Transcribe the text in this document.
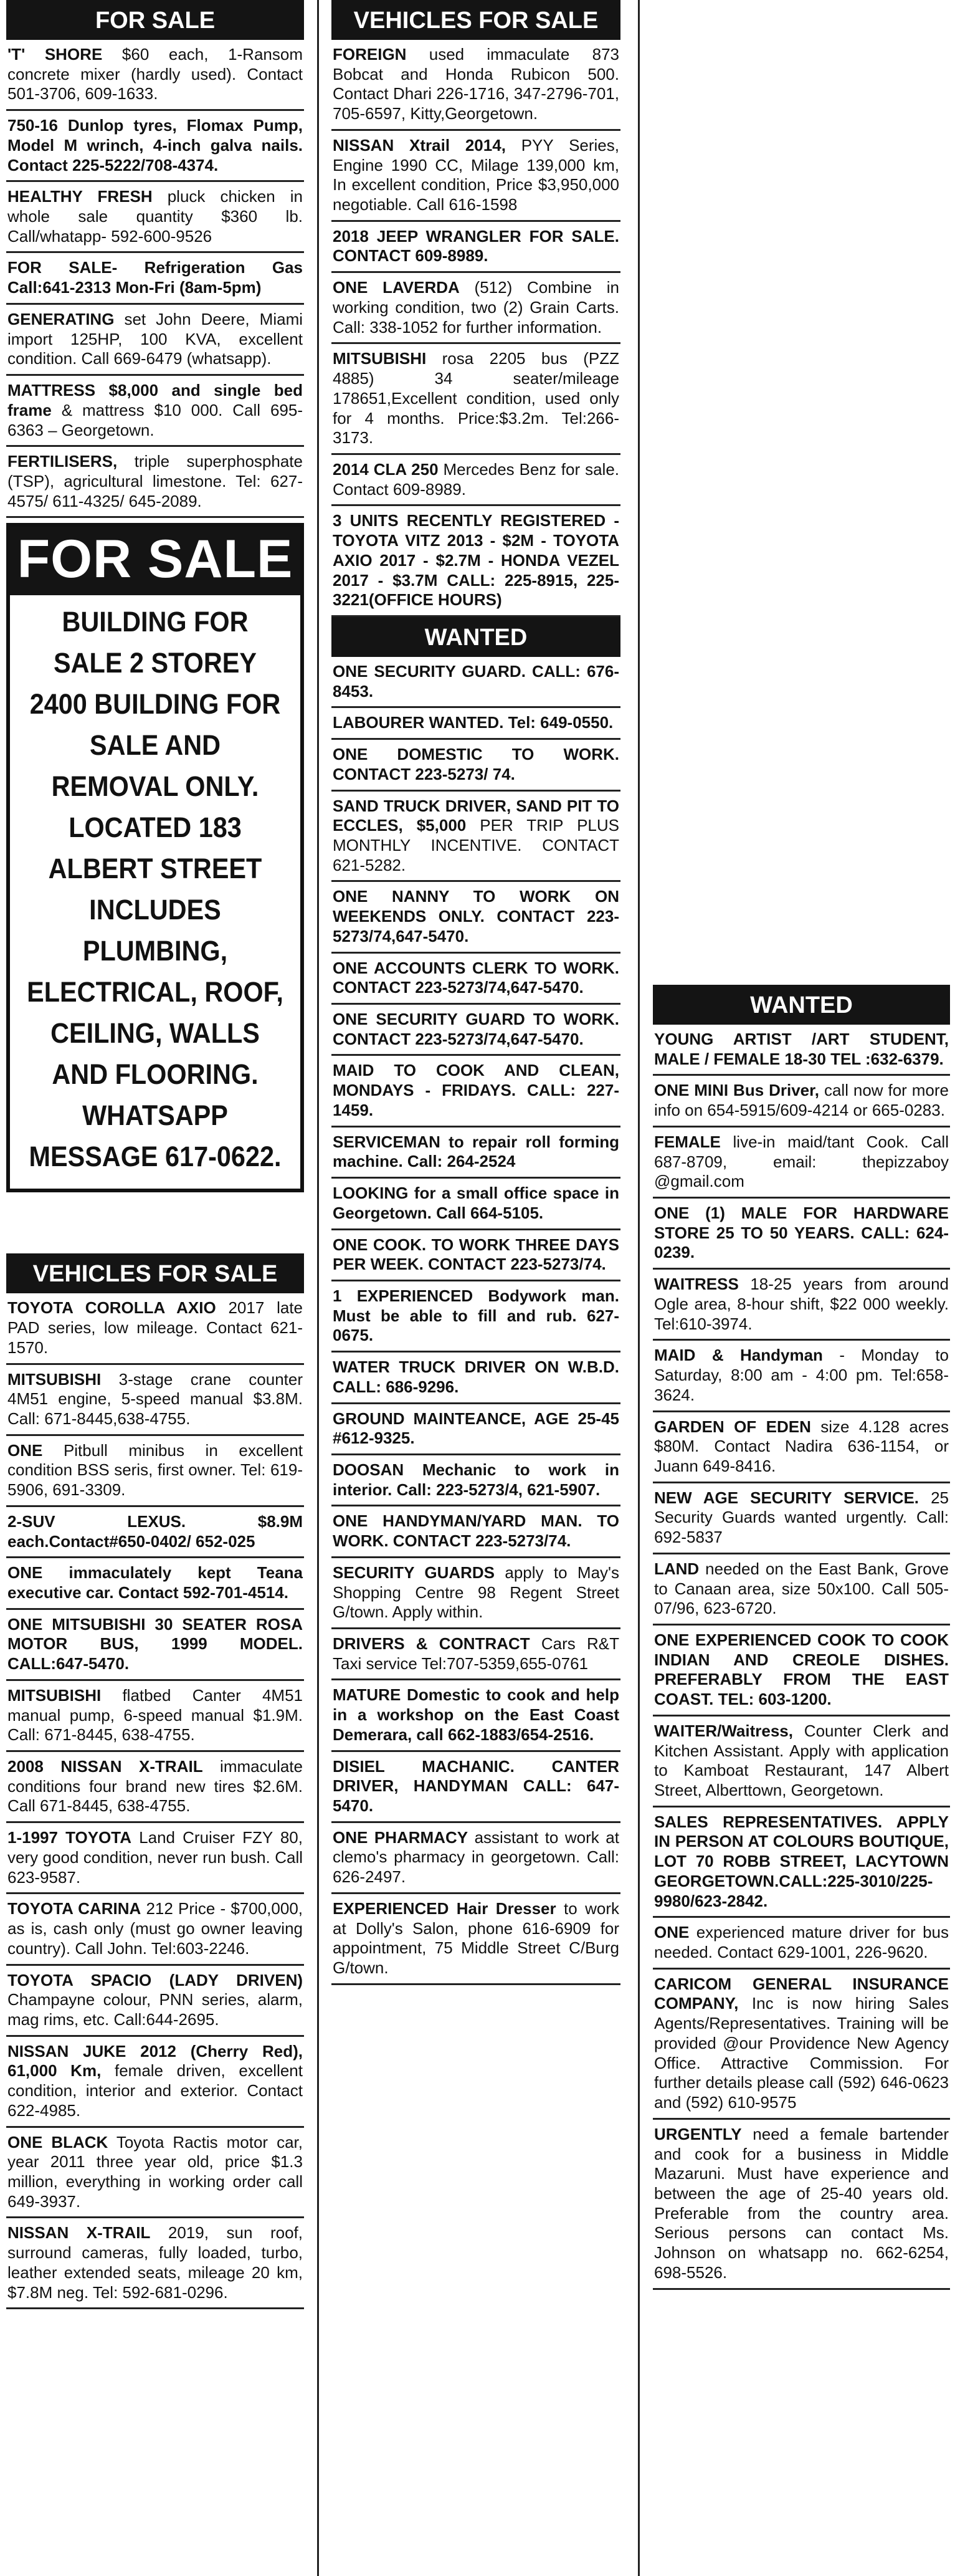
FOR SALE
'T' SHORE $60 each, 1-Ransom concrete mixer (hardly used). Contact 501-3706, 609-1633.
750-16 Dunlop tyres, Flomax Pump, Model M wrinch, 4-inch galva nails. Contact 225-5222/708-4374.
HEALTHY FRESH pluck chicken in whole sale quantity $360 lb. Call/whatapp- 592-600-9526
FOR SALE- Refrigeration Gas Call:641-2313 Mon-Fri (8am-5pm)
GENERATING set John Deere, Miami import 125HP, 100 KVA, excellent condition. Call 669-6479 (whatsapp).
MATTRESS $8,000 and single bed frame & mattress $10 000. Call 695-6363 – Georgetown.
FERTILISERS, triple superphosphate (TSP), agricultural limestone. Tel: 627-4575/ 611-4325/ 645-2089.
FOR SALE
BUILDING FOR SALE 2 STOREY 2400 BUILDING FOR SALE AND REMOVAL ONLY. LOCATED 183 ALBERT STREET INCLUDES PLUMBING, ELECTRICAL, ROOF, CEILING, WALLS AND FLOORING. WHATSAPP MESSAGE 617-0622.
VEHICLES FOR SALE
TOYOTA COROLLA AXIO 2017 late PAD series, low mileage. Contact 621-1570.
MITSUBISHI 3-stage crane counter 4M51 engine, 5-speed manual $3.8M. Call: 671-8445,638-4755.
ONE Pitbull minibus in excellent condition BSS seris, first owner. Tel: 619-5906, 691-3309.
2-SUV LEXUS. $8.9M each.Contact#650-0402/ 652-025
ONE immaculately kept Teana executive car. Contact 592-701-4514.
ONE MITSUBISHI 30 SEATER ROSA MOTOR BUS, 1999 MODEL. CALL:647-5470.
MITSUBISHI flatbed Canter 4M51 manual pump, 6-speed manual $1.9M. Call: 671-8445, 638-4755.
2008 NISSAN X-TRAIL immaculate conditions four brand new tires $2.6M. Call 671-8445, 638-4755.
1-1997 TOYOTA Land Cruiser FZY 80, very good condition, never run bush. Call 623-9587.
TOYOTA CARINA 212 Price - $700,000, as is, cash only (must go owner leaving country). Call John. Tel:603-2246.
TOYOTA SPACIO (LADY DRIVEN) Champayne colour, PNN series, alarm, mag rims, etc. Call:644-2695.
NISSAN JUKE 2012 (Cherry Red), 61,000 Km, female driven, excellent condition, interior and exterior. Contact 622-4985.
ONE BLACK Toyota Ractis motor car, year 2011 three year old, price $1.3 million, everything in working order call 649-3937.
NISSAN X-TRAIL 2019, sun roof, surround cameras, fully loaded, turbo, leather extended seats, mileage 20 km, $7.8M neg. Tel: 592-681-0296.
VEHICLES FOR SALE
FOREIGN used immaculate 873 Bobcat and Honda Rubicon 500. Contact Dhari 226-1716, 347-2796-701, 705-6597, Kitty,Georgetown.
NISSAN Xtrail 2014, PYY Series, Engine 1990 CC, Milage 139,000 km, In excellent condition, Price $3,950,000 negotiable. Call 616-1598
2018 JEEP WRANGLER FOR SALE. CONTACT 609-8989.
ONE LAVERDA (512) Combine in working condition, two (2) Grain Carts. Call: 338-1052 for further information.
MITSUBISHI rosa 2205 bus (PZZ 4885) 34 seater/mileage 178651,Excellent condition, used only for 4 months. Price:$3.2m. Tel:266-3173.
2014 CLA 250 Mercedes Benz for sale. Contact 609-8989.
3 UNITS RECENTLY REGISTERED - TOYOTA VITZ 2013 - $2M - TOYOTA AXIO 2017 - $2.7M - HONDA VEZEL 2017 - $3.7M CALL: 225-8915, 225-3221(OFFICE HOURS)
WANTED
ONE SECURITY GUARD. CALL: 676-8453.
LABOURER WANTED. Tel: 649-0550.
ONE DOMESTIC TO WORK. CONTACT 223-5273/ 74.
SAND TRUCK DRIVER, SAND PIT TO ECCLES, $5,000 PER TRIP PLUS MONTHLY INCENTIVE. CONTACT 621-5282.
ONE NANNY TO WORK ON WEEKENDS ONLY. CONTACT 223-5273/74,647-5470.
ONE ACCOUNTS CLERK TO WORK. CONTACT 223-5273/74,647-5470.
ONE SECURITY GUARD TO WORK. CONTACT 223-5273/74,647-5470.
MAID TO COOK AND CLEAN, MONDAYS - FRIDAYS. CALL: 227-1459.
SERVICEMAN to repair roll forming machine. Call: 264-2524
LOOKING for a small office space in Georgetown. Call 664-5105.
ONE COOK. TO WORK THREE DAYS PER WEEK. CONTACT 223-5273/74.
1 EXPERIENCED Bodywork man. Must be able to fill and rub. 627-0675.
WATER TRUCK DRIVER ON W.B.D. CALL: 686-9296.
GROUND MAINTEANCE, AGE 25-45 #612-9325.
DOOSAN Mechanic to work in interior. Call: 223-5273/4, 621-5907.
ONE HANDYMAN/YARD MAN. TO WORK. CONTACT 223-5273/74.
SECURITY GUARDS apply to May's Shopping Centre 98 Regent Street G/town. Apply within.
DRIVERS & CONTRACT Cars R&T Taxi service Tel:707-5359,655-0761
MATURE Domestic to cook and help in a workshop on the East Coast Demerara, call 662-1883/654-2516.
DISIEL MACHANIC. CANTER DRIVER, HANDYMAN CALL: 647-5470.
ONE PHARMACY assistant to work at clemo's pharmacy in georgetown. Call: 626-2497.
EXPERIENCED Hair Dresser to work at Dolly's Salon, phone 616-6909 for appointment, 75 Middle Street C/Burg G/town.
WANTED
YOUNG ARTIST /ART STUDENT, MALE / FEMALE 18-30 TEL :632-6379.
ONE MINI Bus Driver, call now for more info on 654-5915/609-4214 or 665-0283.
FEMALE live-in maid/tant Cook. Call 687-8709, email: thepizzaboy @gmail.com
ONE (1) MALE FOR HARDWARE STORE 25 TO 50 YEARS. CALL: 624-0239.
WAITRESS 18-25 years from around Ogle area, 8-hour shift, $22 000 weekly. Tel:610-3974.
MAID & Handyman - Monday to Saturday, 8:00 am - 4:00 pm. Tel:658-3624.
GARDEN OF EDEN size 4.128 acres $80M. Contact Nadira 636-1154, or Juann 649-8416.
NEW AGE SECURITY SERVICE. 25 Security Guards wanted urgently. Call: 692-5837
LAND needed on the East Bank, Grove to Canaan area, size 50x100. Call 505-07/96, 623-6720.
ONE EXPERIENCED COOK TO COOK INDIAN AND CREOLE DISHES. PREFERABLY FROM THE EAST COAST. TEL: 603-1200.
WAITER/Waitress, Counter Clerk and Kitchen Assistant. Apply with application to Kamboat Restaurant, 147 Albert Street, Alberttown, Georgetown.
SALES REPRESENTATIVES. APPLY IN PERSON AT COLOURS BOUTIQUE, LOT 70 ROBB STREET, LACYTOWN GEORGETOWN.CALL:225-3010/225-9980/623-2842.
ONE experienced mature driver for bus needed. Contact 629-1001, 226-9620.
CARICOM GENERAL INSURANCE COMPANY, Inc is now hiring Sales Agents/Representatives. Training will be provided @our Providence New Agency Office. Attractive Commission. For further details please call (592) 646-0623 and (592) 610-9575
URGENTLY need a female bartender and cook for a business in Middle Mazaruni. Must have experience and between the age of 25-40 years old. Preferable from the country area. Serious persons can contact Ms. Johnson on whatsapp no. 662-6254, 698-5526.
